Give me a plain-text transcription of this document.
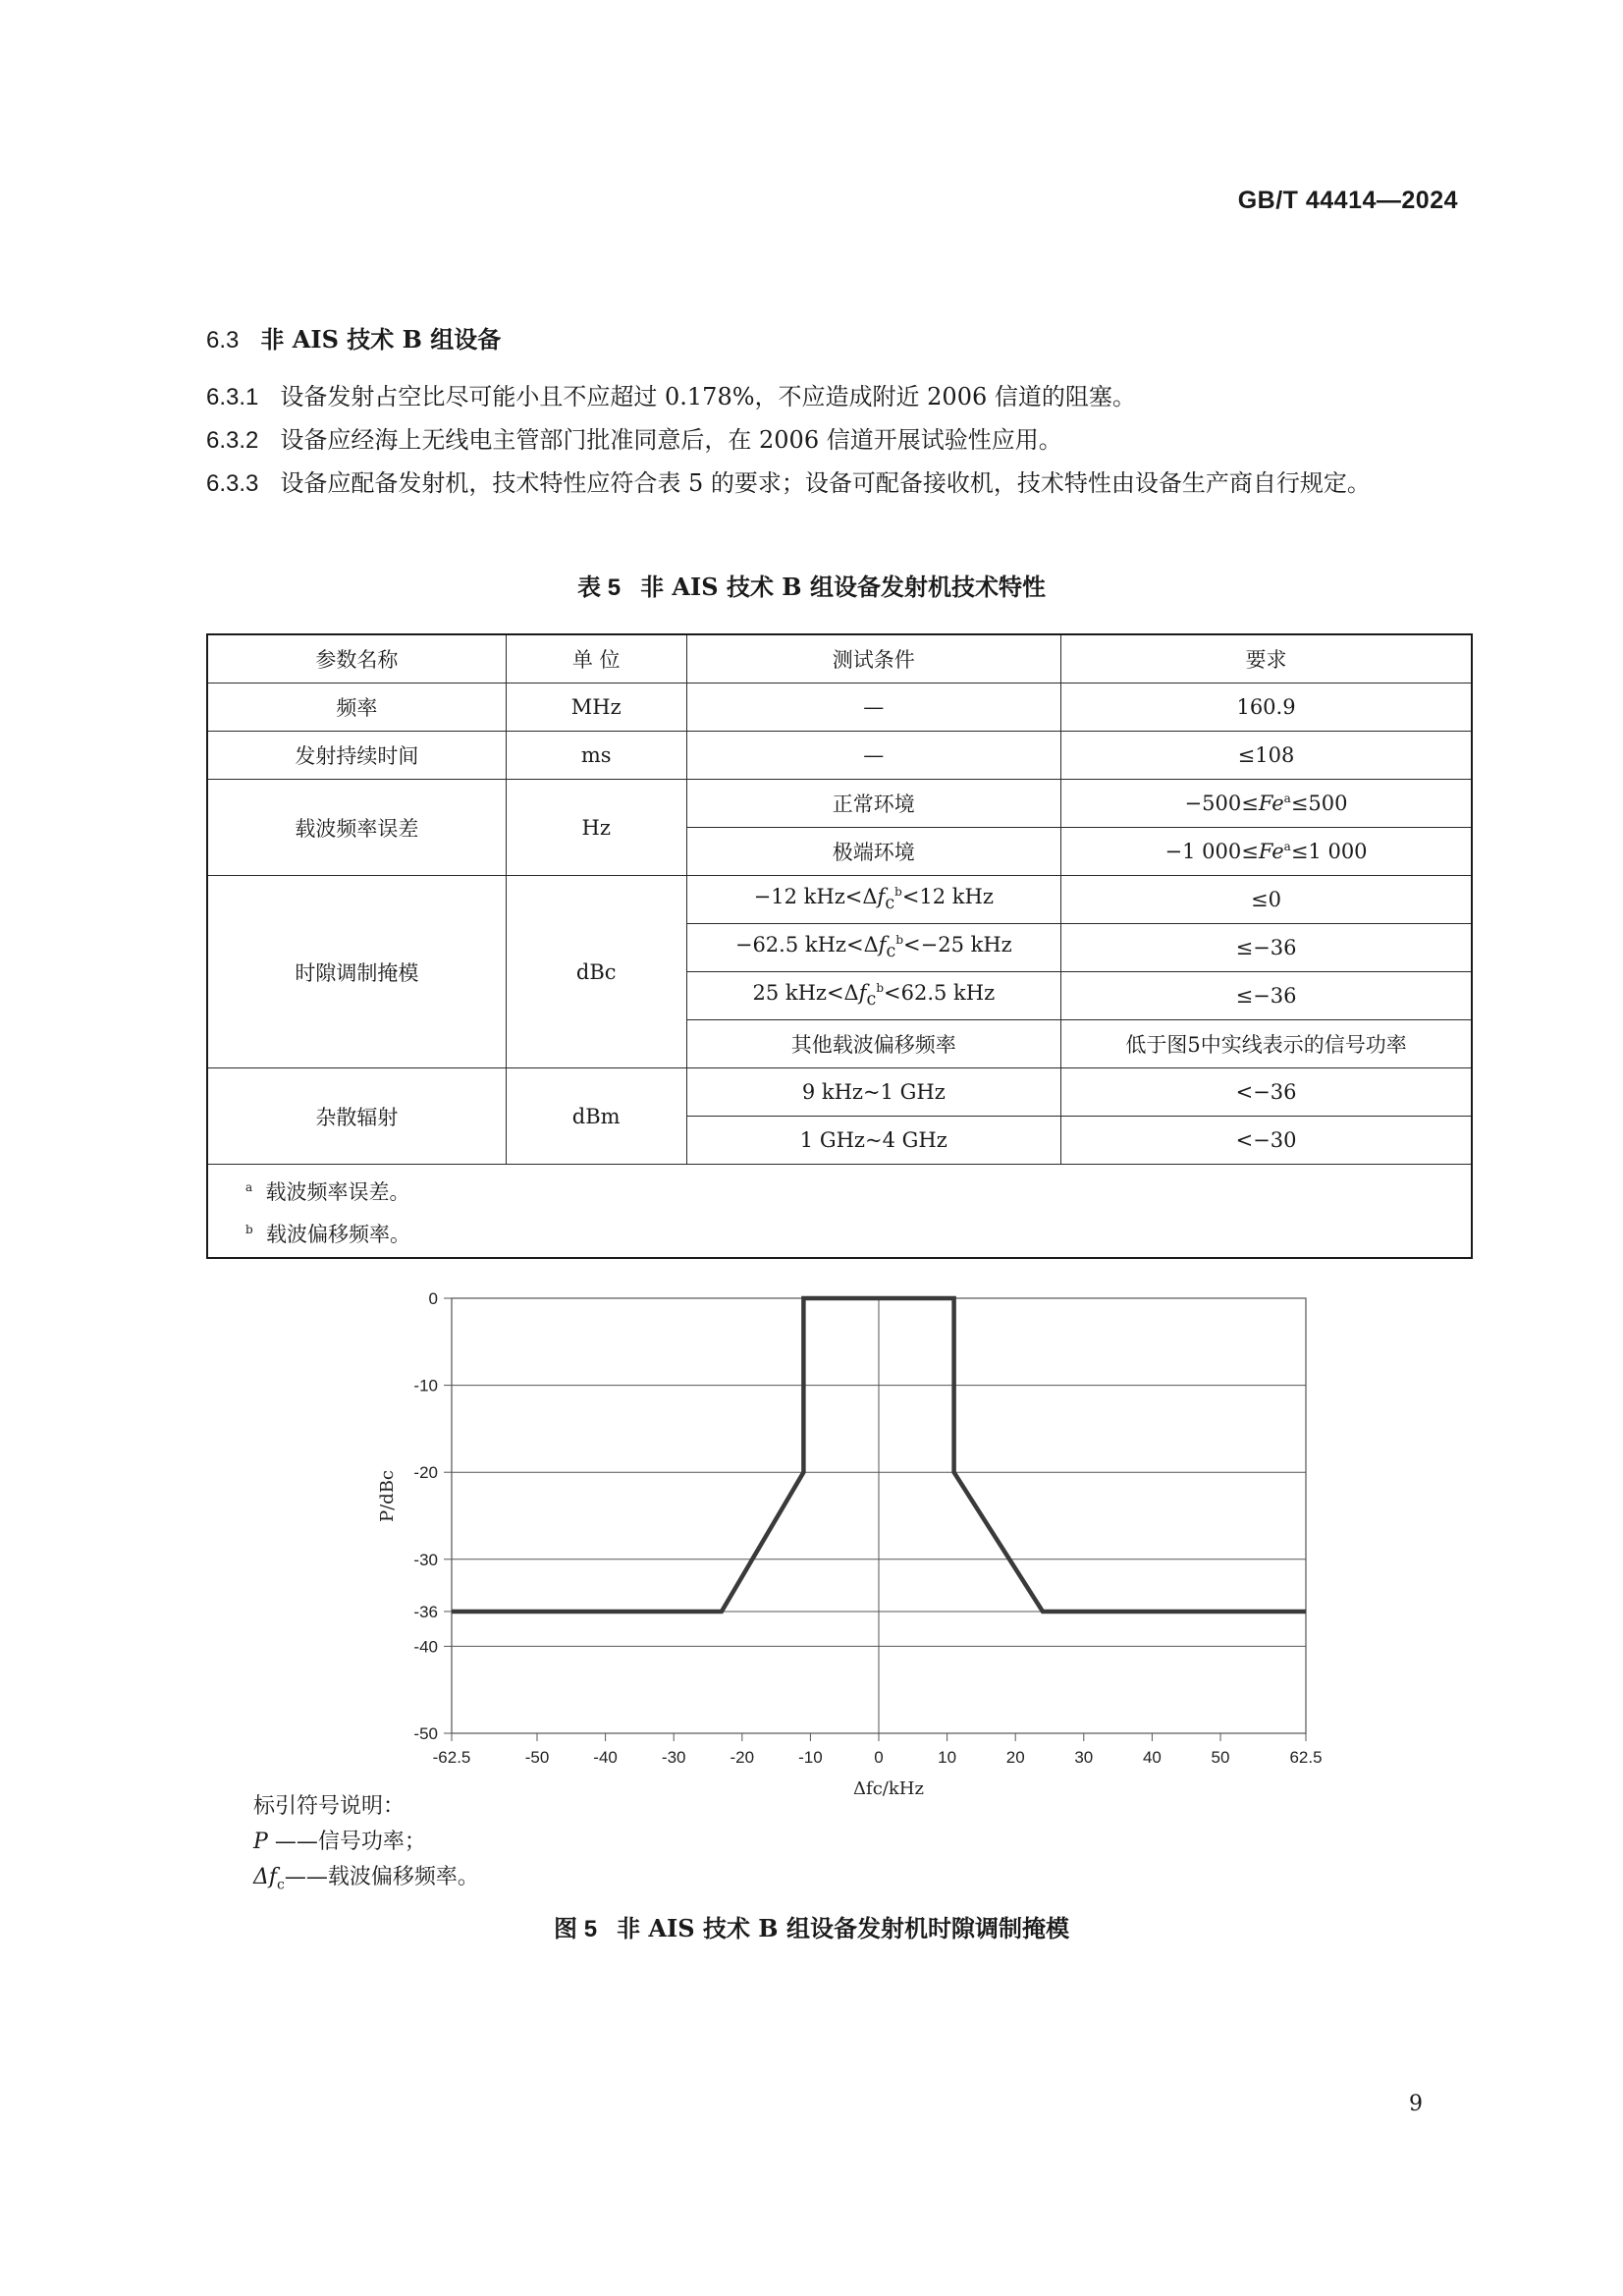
GB/T 44414—2024
6.3 非 AIS 技术 B 组设备
6.3.1 设备发射占空比尽可能小且不应超过 0.178%，不应造成附近 2006 信道的阻塞。
6.3.2 设备应经海上无线电主管部门批准同意后，在 2006 信道开展试验性应用。
6.3.3 设备应配备发射机，技术特性应符合表 5 的要求；设备可配备接收机，技术特性由设备生产商自行规定。
表 5 非 AIS 技术 B 组设备发射机技术特性
参数名称	单 位	测试条件	要求
频率	MHz	—	160.9
发射持续时间	ms	—	≤108
载波频率误差	Hz	正常环境	$-500\le Fe^a\le 500$
		极端环境	−1 $000\le Fe^a\le 1$ 000
时隙调制掩模	dBc	−12 $kHz<\Delta f_c^b<12$ kHz	≤0
		−62.5 $kHz<\Delta f_c^b<-25$ kHz	≤−36
		25 $kHz<\Delta f_c^b<62.5$ kHz	≤−36
		其他载波偏移频率	低于图5中实线表示的信号功率
杂散辐射	dBm	9 kHz~1 GHz	<−36
		1 GHz~4 GHz	<−30

$^a$ 载波频率误差。
$^b$ 载波偏移频率。			
0
-10
-20
-30
-36
-40
-50
-62.5	-50	-40	-30	-20	-10	0	10	20	30	40	50	62.5
Δfc/kHz
P/dBc
标引符号说明：
P ——信号功率；
$\Delta f_c——$载波偏移频率。
图 5 非 AIS 技术 B 组设备发射机时隙调制掩模
9
